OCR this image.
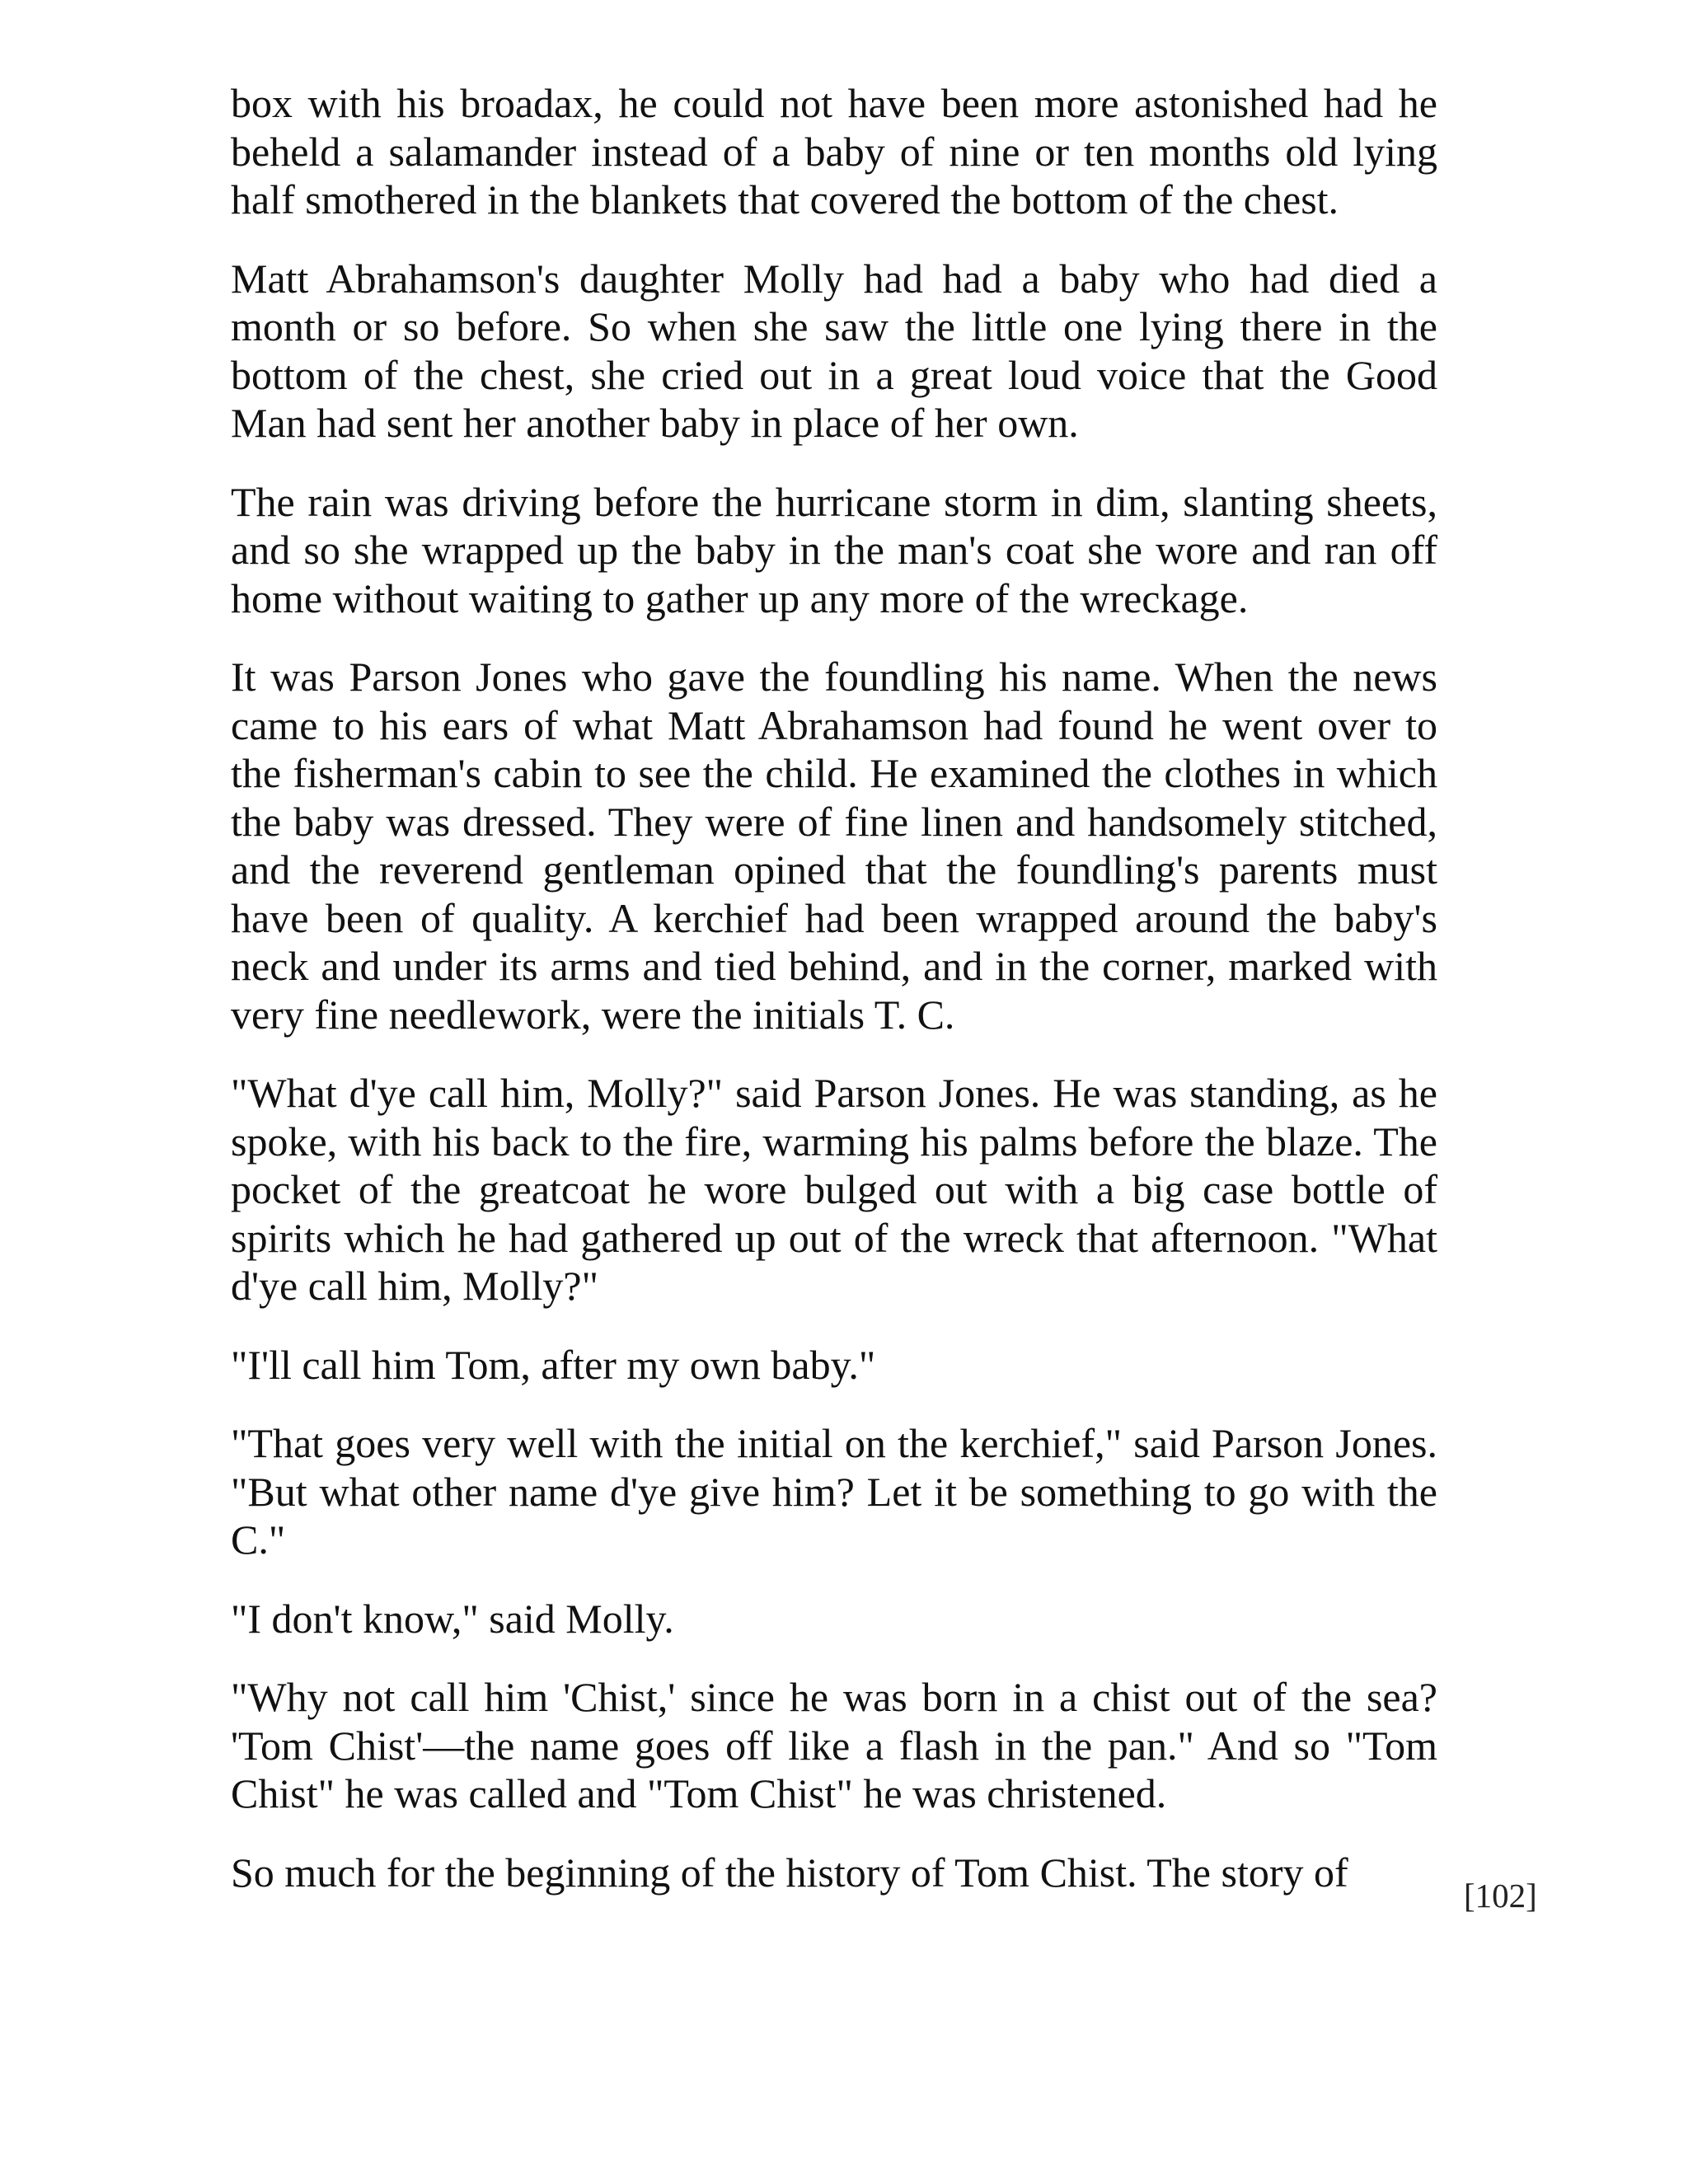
box with his broadax, he could not have been more astonished had he beheld a salamander instead of a baby of nine or ten months old lying half smothered in the blankets that covered the bottom of the chest.

Matt Abrahamson's daughter Molly had had a baby who had died a month or so before. So when she saw the little one lying there in the bottom of the chest, she cried out in a great loud voice that the Good Man had sent her another baby in place of her own.

The rain was driving before the hurricane storm in dim, slanting sheets, and so she wrapped up the baby in the man's coat she wore and ran off home without waiting to gather up any more of the wreckage.

It was Parson Jones who gave the foundling his name. When the news came to his ears of what Matt Abrahamson had found he went over to the fisherman's cabin to see the child. He examined the clothes in which the baby was dressed. They were of fine linen and handsomely stitched, and the reverend gentleman opined that the foundling's parents must have been of quality. A kerchief had been wrapped around the baby's neck and under its arms and tied behind, and in the corner, marked with very fine needlework, were the initials T. C.

"What d'ye call him, Molly?" said Parson Jones. He was standing, as he spoke, with his back to the fire, warming his palms before the blaze. The pocket of the greatcoat he wore bulged out with a big case bottle of spirits which he had gathered up out of the wreck that afternoon. "What d'ye call him, Molly?"

"I'll call him Tom, after my own baby."

"That goes very well with the initial on the kerchief," said Parson Jones. "But what other name d'ye give him? Let it be something to go with the C."

"I don't know," said Molly.

"Why not call him 'Chist,' since he was born in a chist out of the sea? 'Tom Chist'—the name goes off like a flash in the pan." And so "Tom Chist" he was called and "Tom Chist" he was christened.

So much for the beginning of the history of Tom Chist. The story of

[102]
